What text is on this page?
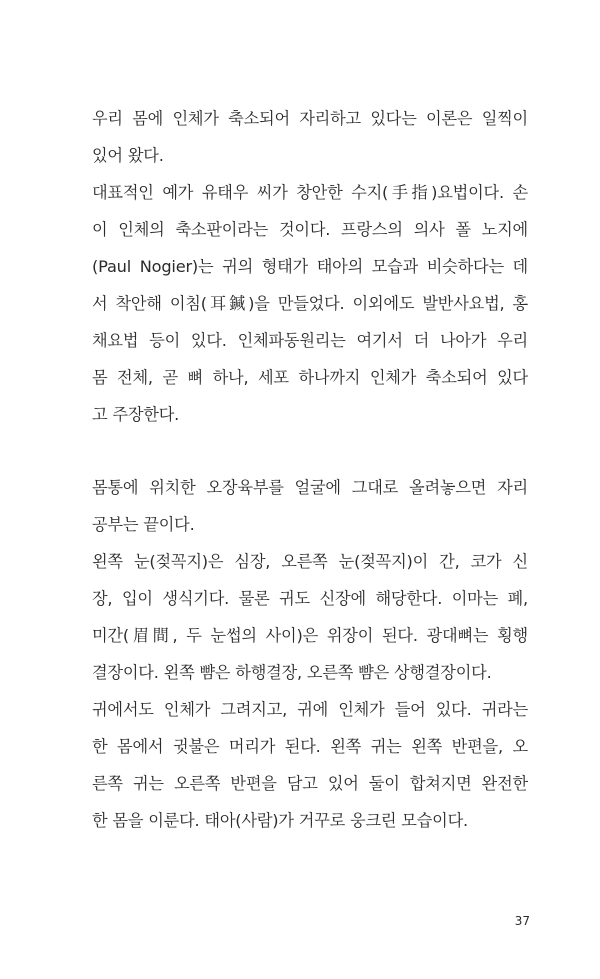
우리 몸에 인체가 축소되어 자리하고 있다는 이론은 일찍이
있어 왔다.
대표적인 예가 유태우 씨가 창안한 수지(手指)요법이다. 손
이 인체의 축소판이라는 것이다. 프랑스의 의사 폴 노지에
(Paul Nogier)는 귀의 형태가 태아의 모습과 비슷하다는 데
서 착안해 이침(耳鍼)을 만들었다. 이외에도 발반사요법, 홍
채요법 등이 있다. 인체파동원리는 여기서 더 나아가 우리
몸 전체, 곧 뼈 하나, 세포 하나까지 인체가 축소되어 있다
고 주장한다.
몸통에 위치한 오장육부를 얼굴에 그대로 올려놓으면 자리
공부는 끝이다.
왼쪽 눈(젖꼭지)은 심장, 오른쪽 눈(젖꼭지)이 간, 코가 신
장, 입이 생식기다. 물론 귀도 신장에 해당한다. 이마는 폐,
미간(眉間, 두 눈썹의 사이)은 위장이 된다. 광대뼈는 횡행
결장이다. 왼쪽 뺨은 하행결장, 오른쪽 뺨은 상행결장이다.
귀에서도 인체가 그려지고, 귀에 인체가 들어 있다. 귀라는
한 몸에서 귓불은 머리가 된다. 왼쪽 귀는 왼쪽 반편을, 오
른쪽 귀는 오른쪽 반편을 담고 있어 둘이 합쳐지면 완전한
한 몸을 이룬다. 태아(사람)가 거꾸로 웅크린 모습이다.
37
